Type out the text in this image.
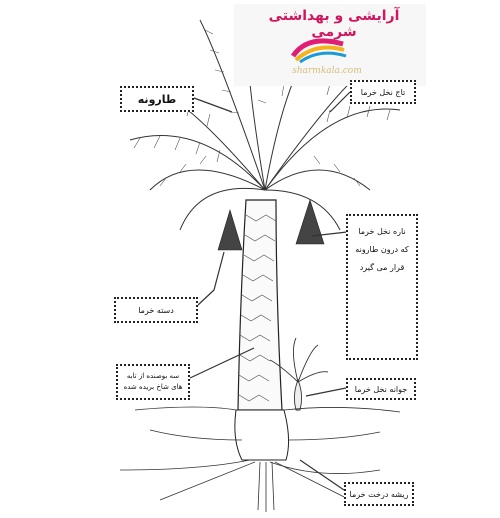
آرایشی و بهداشتی شرمی
sharmkala.com
طارونه
تاج نخل خرما
ناره نخل خرما
که درون طارونه
قرار می گیرد
دسته خرما
سه بوصنده از تابه
های شاخ بریده شده	جوانه نخل خرما
ریشه درخت خرما
